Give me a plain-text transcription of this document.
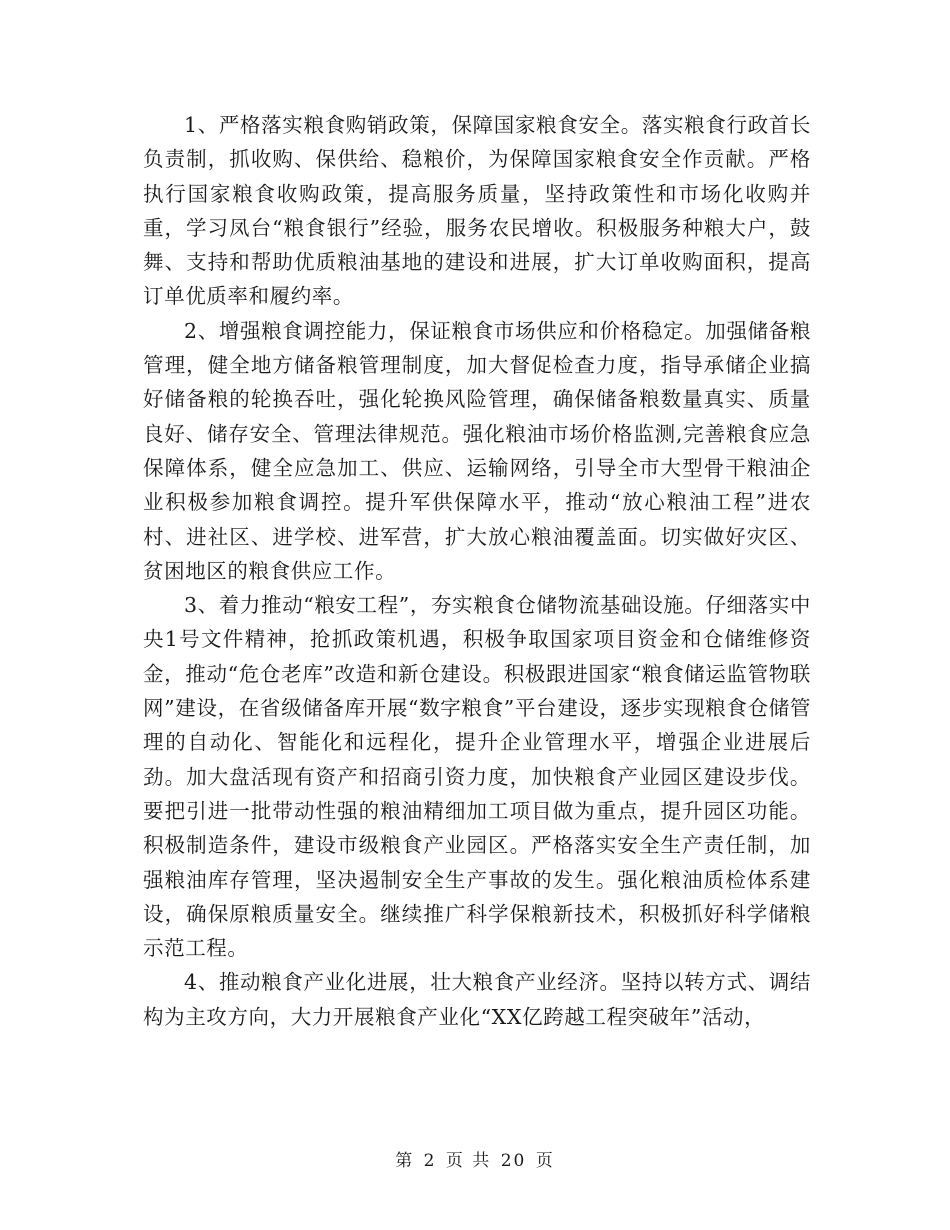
1、严格落实粮食购销政策，保障国家粮食安全。落实粮食行政首长负责制，抓收购、保供给、稳粮价，为保障国家粮食安全作贡献。严格执行国家粮食收购政策，提高服务质量，坚持政策性和市场化收购并重，学习凤台“粮食银行”经验，服务农民增收。积极服务种粮大户，鼓舞、支持和帮助优质粮油基地的建设和进展，扩大订单收购面积，提高订单优质率和履约率。

2、增强粮食调控能力，保证粮食市场供应和价格稳定。加强储备粮管理，健全地方储备粮管理制度，加大督促检查力度，指导承储企业搞好储备粮的轮换吞吐，强化轮换风险管理，确保储备粮数量真实、质量良好、储存安全、管理法律规范。强化粮油市场价格监测,完善粮食应急保障体系，健全应急加工、供应、运输网络，引导全市大型骨干粮油企业积极参加粮食调控。提升军供保障水平，推动“放心粮油工程”进农村、进社区、进学校、进军营，扩大放心粮油覆盖面。切实做好灾区、贫困地区的粮食供应工作。

3、着力推动“粮安工程”，夯实粮食仓储物流基础设施。仔细落实中央1号文件精神，抢抓政策机遇，积极争取国家项目资金和仓储维修资金，推动“危仓老库”改造和新仓建设。积极跟进国家“粮食储运监管物联网”建设，在省级储备库开展“数字粮食”平台建设，逐步实现粮食仓储管理的自动化、智能化和远程化，提升企业管理水平，增强企业进展后劲。加大盘活现有资产和招商引资力度，加快粮食产业园区建设步伐。要把引进一批带动性强的粮油精细加工项目做为重点，提升园区功能。积极制造条件，建设市级粮食产业园区。严格落实安全生产责任制，加强粮油库存管理，坚决遏制安全生产事故的发生。强化粮油质检体系建设，确保原粮质量安全。继续推广科学保粮新技术，积极抓好科学储粮示范工程。

4、推动粮食产业化进展，壮大粮食产业经济。坚持以转方式、调结构为主攻方向，大力开展粮食产业化“XX亿跨越工程突破年”活动，

第 2 页 共 20 页
